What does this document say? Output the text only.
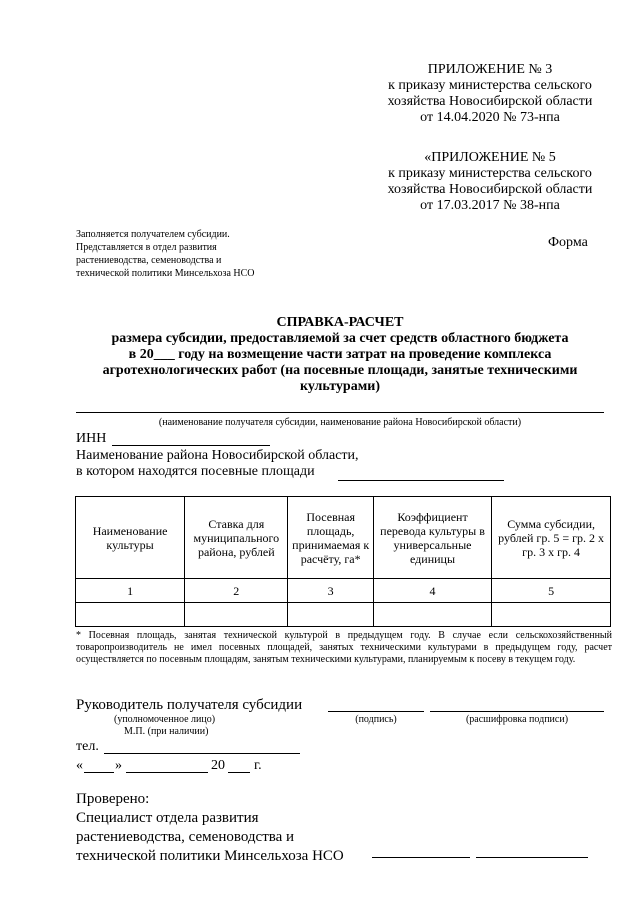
ПРИЛОЖЕНИЕ № 3
к приказу министерства сельского
хозяйства Новосибирской области
от 14.04.2020 № 73-нпа
«ПРИЛОЖЕНИЕ № 5
к приказу министерства сельского
хозяйства Новосибирской области
от 17.03.2017 № 38-нпа
Заполняется получателем субсидии.
Представляется в отдел развития
растениеводства, семеноводства и
технической политики Минсельхоза НСО
Форма
СПРАВКА-РАСЧЕТ
размера субсидии, предоставляемой за счет средств областного бюджета
в 20___ году на возмещение части затрат на проведение комплекса
агротехнологических работ (на посевные площади, занятые техническими
культурами)
(наименование получателя субсидии, наименование района Новосибирской области)
ИНН
Наименование района Новосибирской области,
в котором находятся посевные площади
Наименование культуры	Ставка для муниципального района, рублей	Посевная площадь, принимаемая к расчёту, га*	Коэффициент перевода культуры в универсальные единицы	Сумма субсидии, рублей гр. 5 = гр. 2 х гр. 3 х гр. 4
1	2	3	4	5

* Посевная площадь, занятая технической культурой в предыдущем году. В случае если сельскохозяйственный товаропроизводитель не имел посевных площадей, занятых техническими культурами в предыдущем году, расчет осуществляется по посевным площадям, занятым техническими культурами, планируемым к посеву в текущем году.
Руководитель получателя субсидии
(уполномоченное лицо)	(подпись)	(расшифровка подписи)
М.П. (при наличии)
тел.
« »	20 г.
Проверено:
Специалист отдела развития
растениеводства, семеноводства и
технической политики Минсельхоза НСО
